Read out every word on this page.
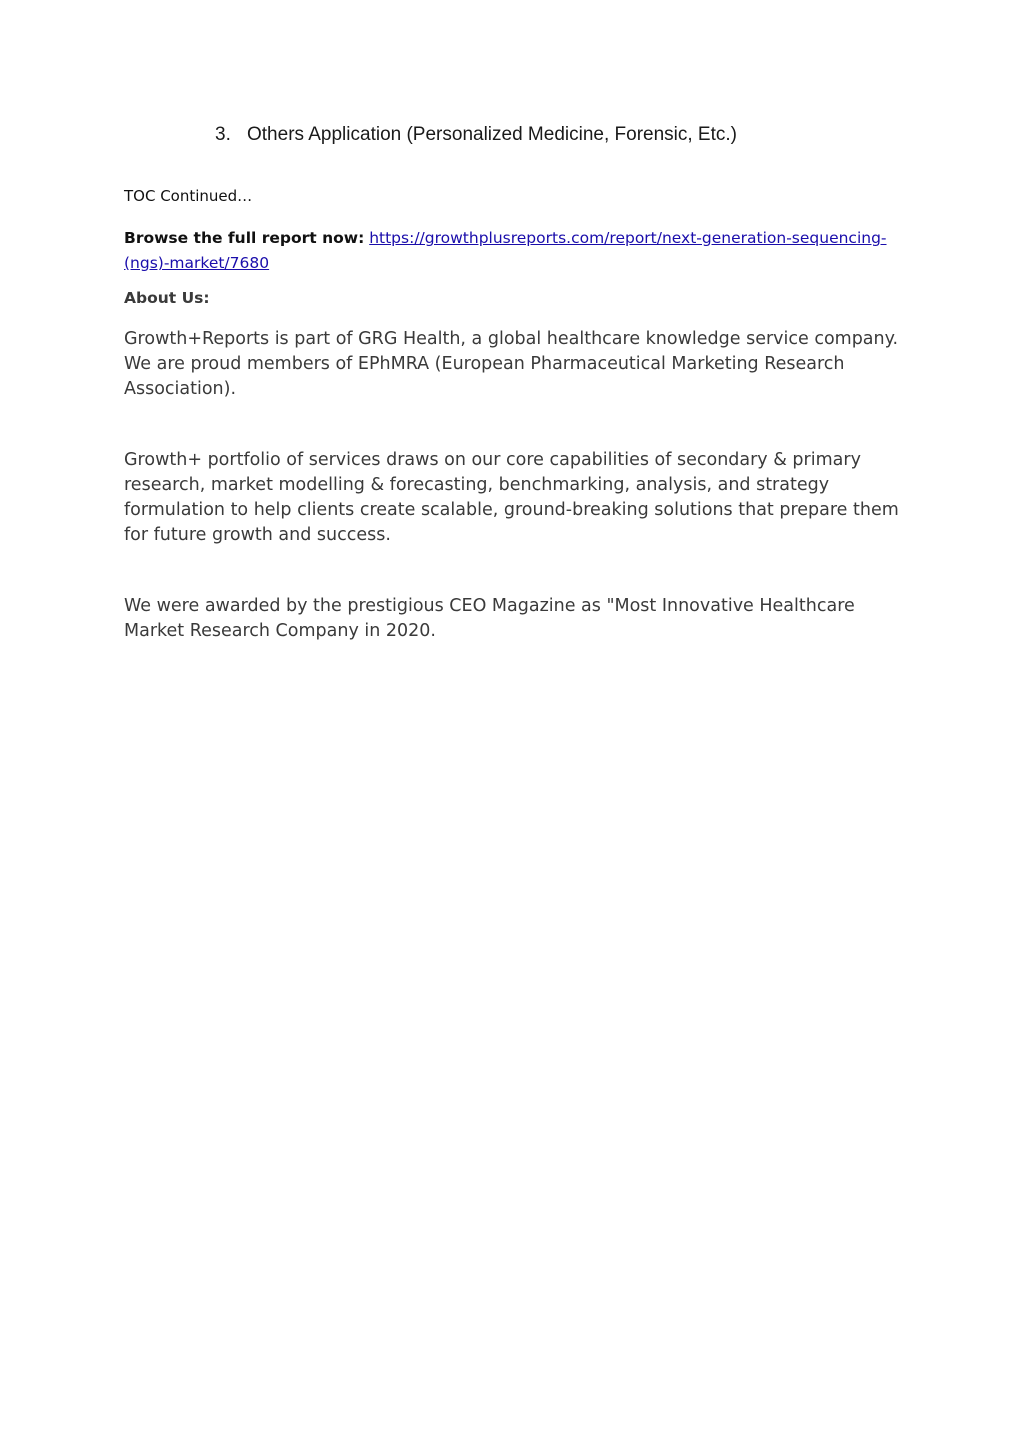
3. Others Application (Personalized Medicine, Forensic, Etc.)
TOC Continued…
Browse the full report now: https://growthplusreports.com/report/next-generation-sequencing-(ngs)-market/7680
About Us:
Growth+Reports is part of GRG Health, a global healthcare knowledge service company. We are proud members of EPhMRA (European Pharmaceutical Marketing Research Association).
Growth+ portfolio of services draws on our core capabilities of secondary & primary research, market modelling & forecasting, benchmarking, analysis, and strategy formulation to help clients create scalable, ground-breaking solutions that prepare them for future growth and success.
We were awarded by the prestigious CEO Magazine as "Most Innovative Healthcare Market Research Company in 2020.
